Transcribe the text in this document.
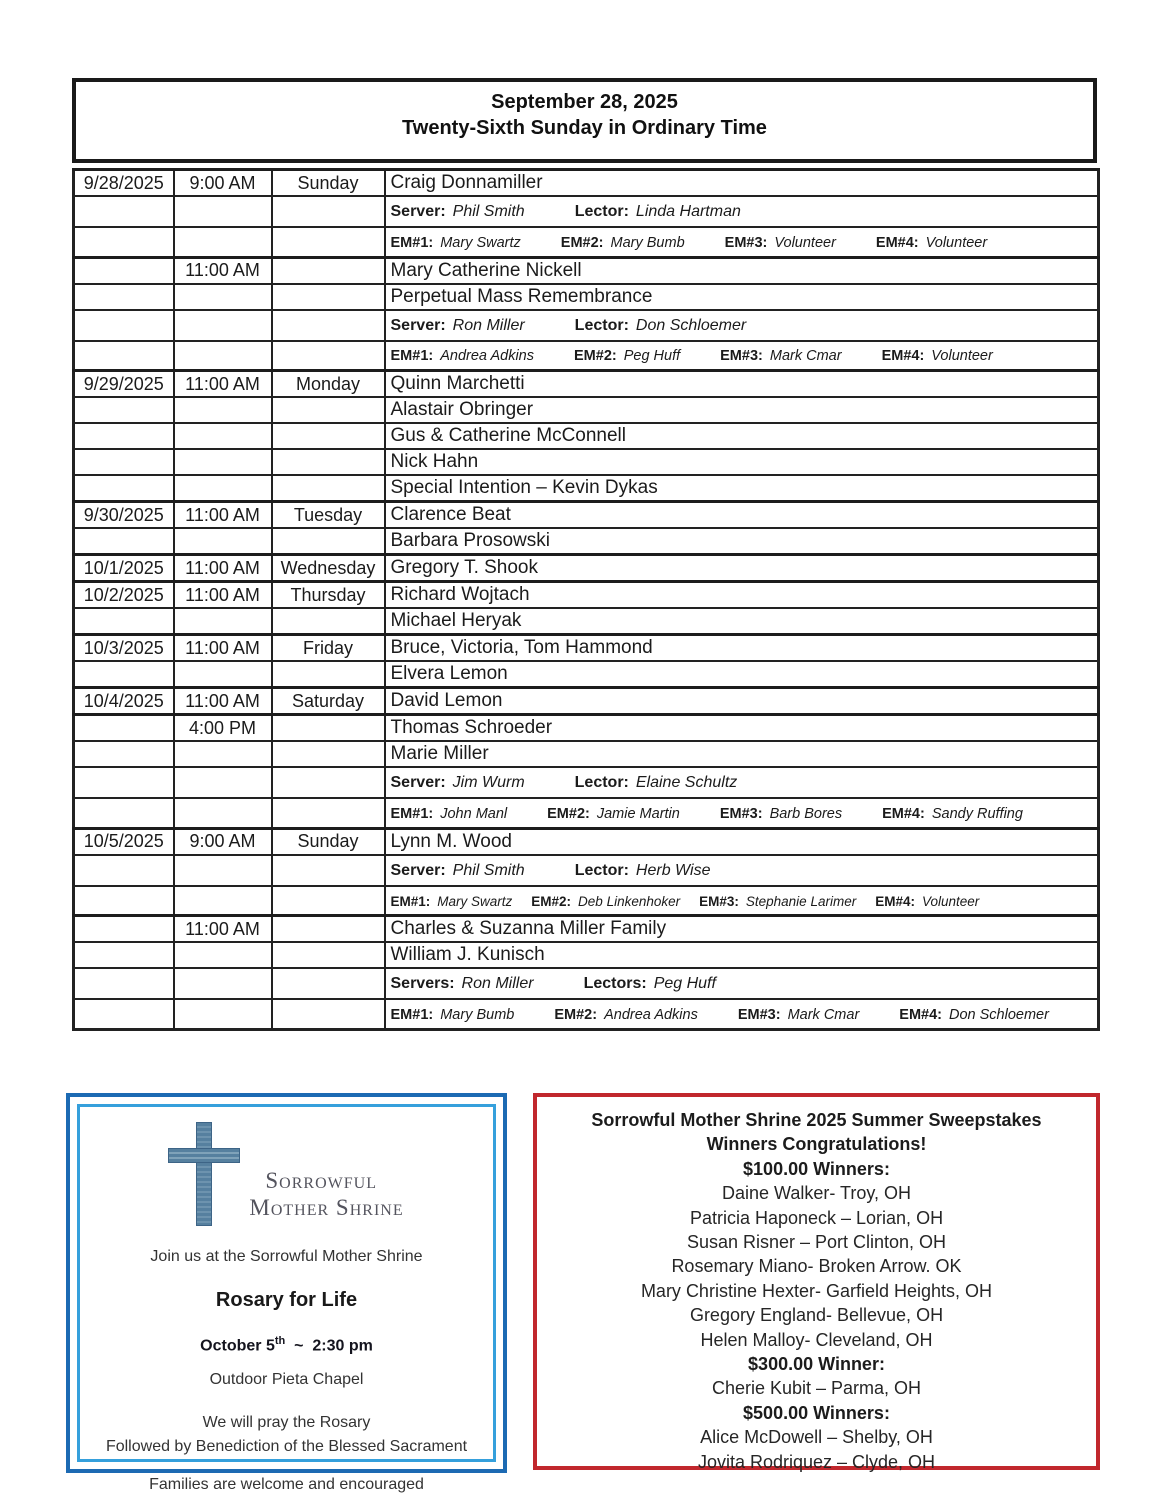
September 28, 2025
Twenty-Sixth Sunday in Ordinary Time
9/28/2025	9:00 AM	Sunday	Craig Donnamiller

			Server: Phil Smith Lector: Linda Hartman

			EM#1: Mary Swartz EM#2: Mary Bumb EM#3: Volunteer EM#4: Volunteer

	11:00 AM		Mary Catherine Nickell
			Perpetual Mass Remembrance

			Server: Ron Miller Lector: Don Schloemer

			EM#1: Andrea Adkins EM#2: Peg Huff EM#3: Mark Cmar EM#4: Volunteer

9/29/2025	11:00 AM	Monday	Quinn Marchetti
			Alastair Obringer
			Gus & Catherine McConnell
			Nick Hahn
			Special Intention – Kevin Dykas
9/30/2025	11:00 AM	Tuesday	Clarence Beat
			Barbara Prosowski
10/1/2025	11:00 AM	Wednesday	Gregory T. Shook
10/2/2025	11:00 AM	Thursday	Richard Wojtach
			Michael Heryak
10/3/2025	11:00 AM	Friday	Bruce, Victoria, Tom Hammond
			Elvera Lemon
10/4/2025	11:00 AM	Saturday	David Lemon
	4:00 PM		Thomas Schroeder
			Marie Miller

			Server: Jim Wurm Lector: Elaine Schultz

			EM#1: John Manl EM#2: Jamie Martin EM#3: Barb Bores EM#4: Sandy Ruffing

10/5/2025	9:00 AM	Sunday	Lynn M. Wood

			Server: Phil Smith Lector: Herb Wise

			EM#1: Mary Swartz EM#2: Deb Linkenhoker EM#3: Stephanie Larimer EM#4: Volunteer

	11:00 AM		Charles & Suzanna Miller Family
			William J. Kunisch

			Servers: Ron Miller Lectors: Peg Huff

			EM#1: Mary Bumb EM#2: Andrea Adkins EM#3: Mark Cmar EM#4: Don Schloemer
Sorrowful
Mother Shrine
Join us at the Sorrowful Mother Shrine
Rosary for Life
October 5th  ~  2:30 pm
Outdoor Pieta Chapel
We will pray the Rosary
Followed by Benediction of the Blessed Sacrament
Families are welcome and encouraged
Sorrowful Mother Shrine 2025 Summer Sweepstakes
Winners Congratulations!
$100.00 Winners:
Daine Walker- Troy, OH
Patricia Haponeck – Lorian, OH
Susan Risner – Port Clinton, OH
Rosemary Miano- Broken Arrow. OK
Mary Christine Hexter- Garfield Heights, OH
Gregory England- Bellevue, OH
Helen Malloy- Cleveland, OH
$300.00 Winner:
Cherie Kubit – Parma, OH
$500.00 Winners:
Alice McDowell – Shelby, OH
Jovita Rodriquez – Clyde, OH
